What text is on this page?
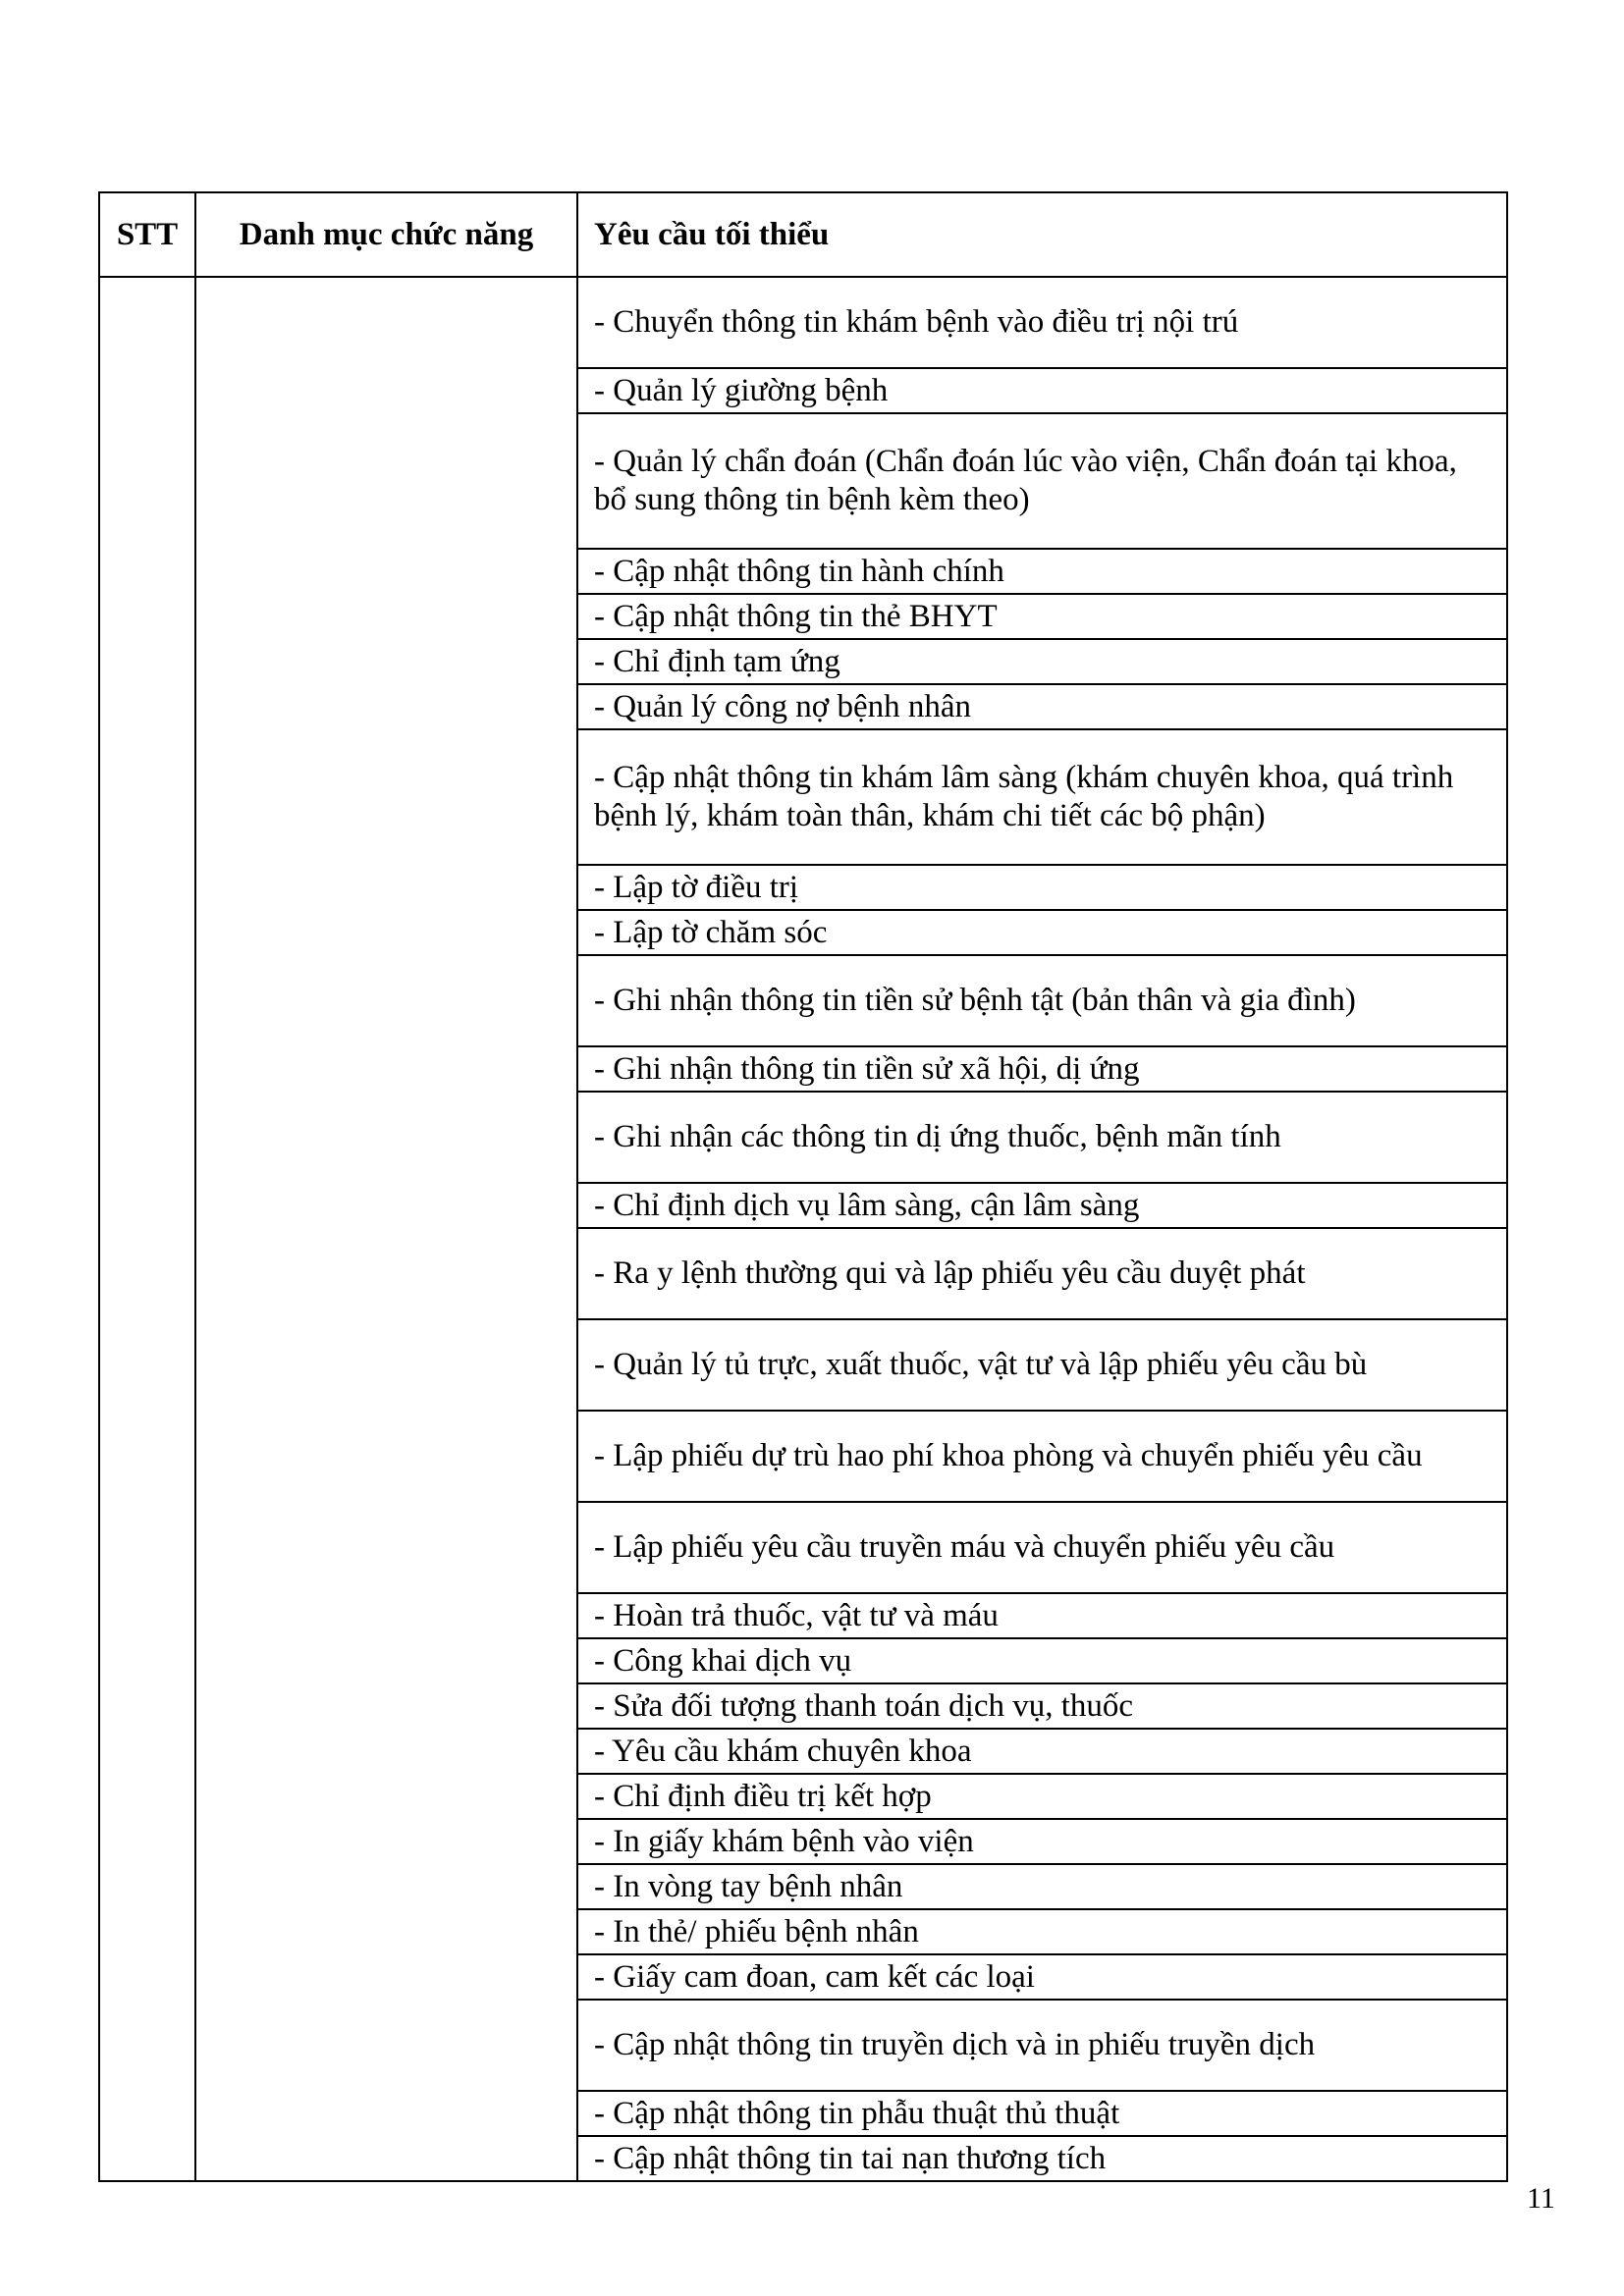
STT	Danh mục chức năng	Yêu cầu tối thiểu
		- Chuyển thông tin khám bệnh vào điều trị nội trú
		- Quản lý giường bệnh
		- Quản lý chẩn đoán (Chẩn đoán lúc vào viện, Chẩn đoán tại khoa, bổ sung thông tin bệnh kèm theo)
		- Cập nhật thông tin hành chính
		- Cập nhật thông tin thẻ BHYT
		- Chỉ định tạm ứng
		- Quản lý công nợ bệnh nhân
		- Cập nhật thông tin khám lâm sàng (khám chuyên khoa, quá trình bệnh lý, khám toàn thân, khám chi tiết các bộ phận)
		- Lập tờ điều trị
		- Lập tờ chăm sóc
		- Ghi nhận thông tin tiền sử bệnh tật (bản thân và gia đình)
		- Ghi nhận thông tin tiền sử xã hội, dị ứng
		- Ghi nhận các thông tin dị ứng thuốc, bệnh mãn tính
		- Chỉ định dịch vụ lâm sàng, cận lâm sàng
		- Ra y lệnh thường qui và lập phiếu yêu cầu duyệt phát
		- Quản lý tủ trực, xuất thuốc, vật tư và lập phiếu yêu cầu bù
		- Lập phiếu dự trù hao phí khoa phòng và chuyển phiếu yêu cầu
		- Lập phiếu yêu cầu truyền máu và chuyển phiếu yêu cầu
		- Hoàn trả thuốc, vật tư và máu
		- Công khai dịch vụ
		- Sửa đối tượng thanh toán dịch vụ, thuốc
		- Yêu cầu khám chuyên khoa
		- Chỉ định điều trị kết hợp
		- In giấy khám bệnh vào viện
		- In vòng tay bệnh nhân
		- In thẻ/ phiếu bệnh nhân
		- Giấy cam đoan, cam kết các loại
		- Cập nhật thông tin truyền dịch và in phiếu truyền dịch
		- Cập nhật thông tin phẫu thuật thủ thuật
		- Cập nhật thông tin tai nạn thương tích
11
